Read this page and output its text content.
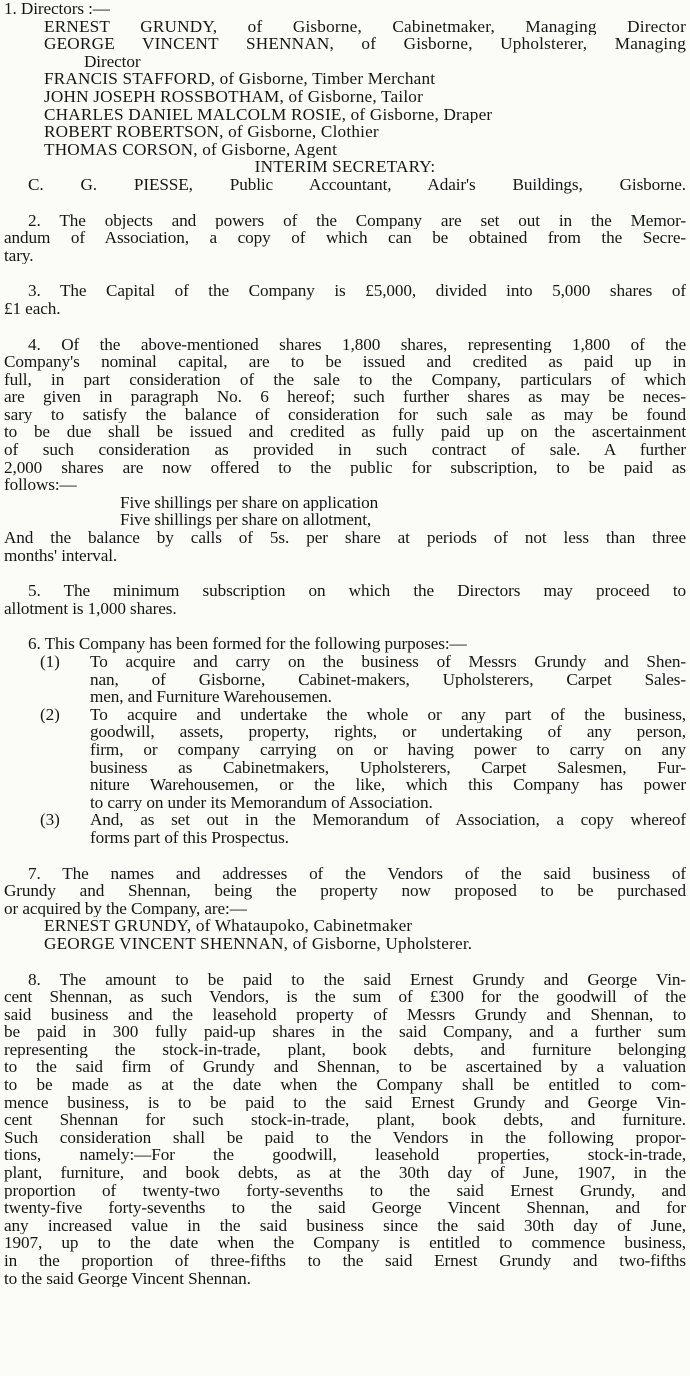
1. Directors :—
ERNEST GRUNDY, of Gisborne, Cabinetmaker, Managing Director
GEORGE VINCENT SHENNAN, of Gisborne, Upholsterer, Managing
Director
FRANCIS STAFFORD, of Gisborne, Timber Merchant
JOHN JOSEPH ROSSBOTHAM, of Gisborne, Tailor
CHARLES DANIEL MALCOLM ROSIE, of Gisborne, Draper
ROBERT ROBERTSON, of Gisborne, Clothier
THOMAS CORSON, of Gisborne, Agent
INTERIM SECRETARY:
C. G. PIESSE, Public Accountant, Adair's Buildings, Gisborne.
2. The objects and powers of the Company are set out in the Memor-
andum of Association, a copy of which can be obtained from the Secre-
tary.
3. The Capital of the Company is £5,000, divided into 5,000 shares of
£1 each.
4. Of the above-mentioned shares 1,800 shares, representing 1,800 of the
Company's nominal capital, are to be issued and credited as paid up in
full, in part consideration of the sale to the Company, particulars of which
are given in paragraph No. 6 hereof; such further shares as may be neces-
sary to satisfy the balance of consideration for such sale as may be found
to be due shall be issued and credited as fully paid up on the ascertainment
of such consideration as provided in such contract of sale. A further
2,000 shares are now offered to the public for subscription, to be paid as
follows:—
Five shillings per share on application
Five shillings per share on allotment,
And the balance by calls of 5s. per share at periods of not less than three
months' interval.
5. The minimum subscription on which the Directors may proceed to
allotment is 1,000 shares.
6. This Company has been formed for the following purposes:—
(1)	To acquire and carry on the business of Messrs Grundy and Shen-
nan, of Gisborne, Cabinet-makers, Upholsterers, Carpet Sales-
men, and Furniture Warehousemen.
(2)	To acquire and undertake the whole or any part of the business,
goodwill, assets, property, rights, or undertaking of any person,
firm, or company carrying on or having power to carry on any
business as Cabinetmakers, Upholsterers, Carpet Salesmen, Fur-
niture Warehousemen, or the like, which this Company has power
to carry on under its Memorandum of Association.
(3)	And, as set out in the Memorandum of Association, a copy whereof
forms part of this Prospectus.
7. The names and addresses of the Vendors of the said business of
Grundy and Shennan, being the property now proposed to be purchased
or acquired by the Company, are:—
ERNEST GRUNDY, of Whataupoko, Cabinetmaker
GEORGE VINCENT SHENNAN, of Gisborne, Upholsterer.
8. The amount to be paid to the said Ernest Grundy and George Vin-
cent Shennan, as such Vendors, is the sum of £300 for the goodwill of the
said business and the leasehold property of Messrs Grundy and Shennan, to
be paid in 300 fully paid-up shares in the said Company, and a further sum
representing the stock-in-trade, plant, book debts, and furniture belonging
to the said firm of Grundy and Shennan, to be ascertained by a valuation
to be made as at the date when the Company shall be entitled to com-
mence business, is to be paid to the said Ernest Grundy and George Vin-
cent Shennan for such stock-in-trade, plant, book debts, and furniture.
Such consideration shall be paid to the Vendors in the following propor-
tions, namely:—For the goodwill, leasehold properties, stock-in-trade,
plant, furniture, and book debts, as at the 30th day of June, 1907, in the
proportion of twenty-two forty-sevenths to the said Ernest Grundy, and
twenty-five forty-sevenths to the said George Vincent Shennan, and for
any increased value in the said business since the said 30th day of June,
1907, up to the date when the Company is entitled to commence business,
in the proportion of three-fifths to the said Ernest Grundy and two-fifths
to the said George Vincent Shennan.
